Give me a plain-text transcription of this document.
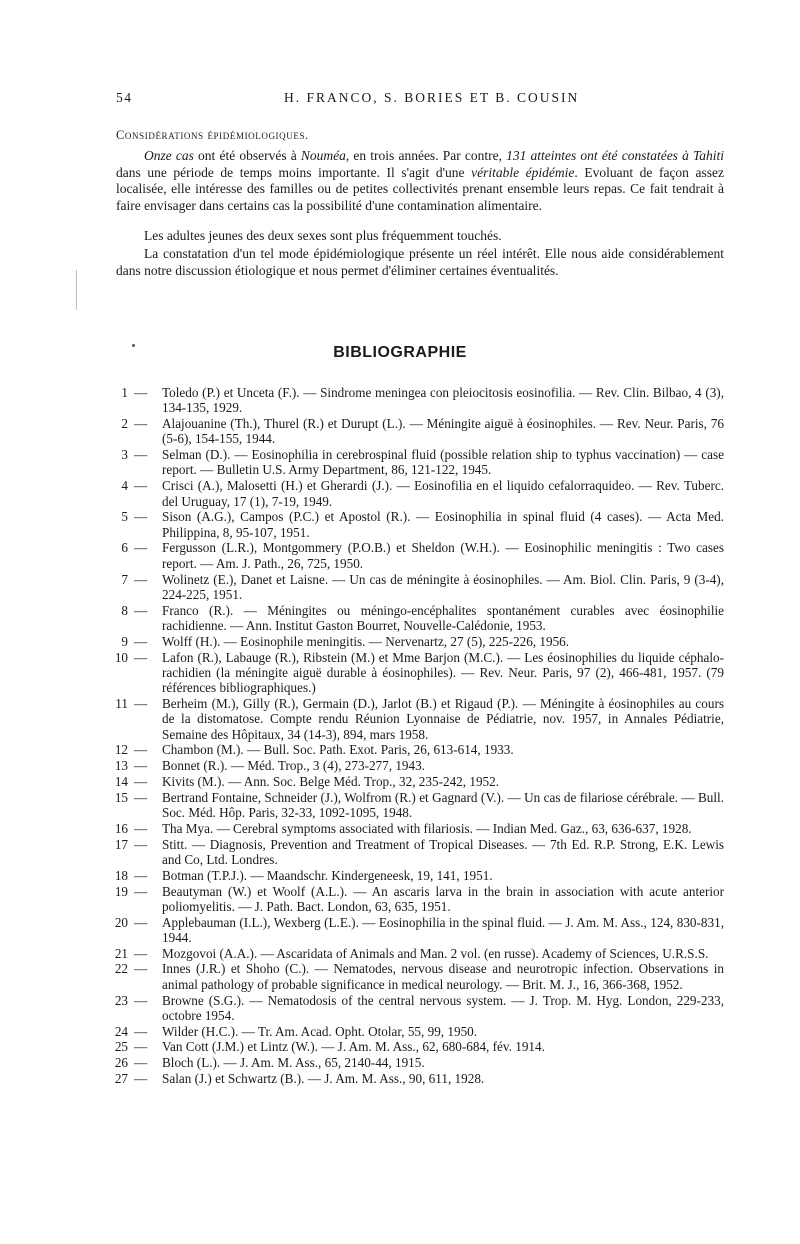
54	H. FRANCO, S. BORIES ET B. COUSIN
Considérations épidémiologiques.

Onze cas ont été observés à Nouméa, en trois années. Par contre, 131 atteintes ont été constatées à Tahiti dans une période de temps moins importante. Il s'agit d'une véritable épidémie. Evoluant de façon assez localisée, elle intéresse des familles ou de petites collectivités prenant ensemble leurs repas. Ce fait tendrait à faire envisager dans certains cas la possibilité d'une contamination alimentaire.

Les adultes jeunes des deux sexes sont plus fréquemment touchés.

La constatation d'un tel mode épidémiologique présente un réel intérêt. Elle nous aide considérablement dans notre discussion étiologique et nous permet d'éliminer certaines éventualités.

BIBLIOGRAPHIE
1 — Toledo (P.) et Unceta (F.). — Sindrome meningea con pleiocitosis eosinofilia. — Rev. Clin. Bilbao, 4 (3), 134-135, 1929.
2 — Alajouanine (Th.), Thurel (R.) et Durupt (L.). — Méningite aiguë à éosinophiles. — Rev. Neur. Paris, 76 (5-6), 154-155, 1944.
3 — Selman (D.). — Eosinophilia in cerebrospinal fluid (possible relation ship to typhus vaccination) — case report. — Bulletin U.S. Army Department, 86, 121-122, 1945.
4 — Crisci (A.), Malosetti (H.) et Gherardi (J.). — Eosinofilia en el liquido cefalorraquideo. — Rev. Tuberc. del Uruguay, 17 (1), 7-19, 1949.
5 — Sison (A.G.), Campos (P.C.) et Apostol (R.). — Eosinophilia in spinal fluid (4 cases). — Acta Med. Philippina, 8, 95-107, 1951.
6 — Fergusson (L.R.), Montgommery (P.O.B.) et Sheldon (W.H.). — Eosinophilic meningitis : Two cases report. — Am. J. Path., 26, 725, 1950.
7 — Wolinetz (E.), Danet et Laisne. — Un cas de méningite à éosinophiles. — Am. Biol. Clin. Paris, 9 (3-4), 224-225, 1951.
8 — Franco (R.). — Méningites ou méningo-encéphalites spontanément curables avec éosinophilie rachidienne. — Ann. Institut Gaston Bourret, Nouvelle-Calédonie, 1953.
9 — Wolff (H.). — Eosinophile meningitis. — Nervenartz, 27 (5), 225-226, 1956.
10 — Lafon (R.), Labauge (R.), Ribstein (M.) et Mme Barjon (M.C.). — Les éosinophilies du liquide céphalo-rachidien (la méningite aiguë durable à éosinophiles). — Rev. Neur. Paris, 97 (2), 466-481, 1957. (79 références bibliographiques.)
11 — Berheim (M.), Gilly (R.), Germain (D.), Jarlot (B.) et Rigaud (P.). — Méningite à éosinophiles au cours de la distomatose. Compte rendu Réunion Lyonnaise de Pédiatrie, nov. 1957, in Annales Pédiatrie, Semaine des Hôpitaux, 34 (14-3), 894, mars 1958.
12 — Chambon (M.). — Bull. Soc. Path. Exot. Paris, 26, 613-614, 1933.
13 — Bonnet (R.). — Méd. Trop., 3 (4), 273-277, 1943.
14 — Kivits (M.). — Ann. Soc. Belge Méd. Trop., 32, 235-242, 1952.
15 — Bertrand Fontaine, Schneider (J.), Wolfrom (R.) et Gagnard (V.). — Un cas de filariose cérébrale. — Bull. Soc. Méd. Hôp. Paris, 32-33, 1092-1095, 1948.
16 — Tha Mya. — Cerebral symptoms associated with filariosis. — Indian Med. Gaz., 63, 636-637, 1928.
17 — Stitt. — Diagnosis, Prevention and Treatment of Tropical Diseases. — 7th Ed. R.P. Strong, E.K. Lewis and Co, Ltd. Londres.
18 — Botman (T.P.J.). — Maandschr. Kindergeneesk, 19, 141, 1951.
19 — Beautyman (W.) et Woolf (A.L.). — An ascaris larva in the brain in association with acute anterior poliomyelitis. — J. Path. Bact. London, 63, 635, 1951.
20 — Applebauman (I.L.), Wexberg (L.E.). — Eosinophilia in the spinal fluid. — J. Am. M. Ass., 124, 830-831, 1944.
21 — Mozgovoi (A.A.). — Ascaridata of Animals and Man. 2 vol. (en russe). Academy of Sciences, U.R.S.S.
22 — Innes (J.R.) et Shoho (C.). — Nematodes, nervous disease and neurotropic infection. Observations in animal pathology of probable significance in medical neurology. — Brit. M. J., 16, 366-368, 1952.
23 — Browne (S.G.). — Nematodosis of the central nervous system. — J. Trop. M. Hyg. London, 229-233, octobre 1954.
24 — Wilder (H.C.). — Tr. Am. Acad. Opht. Otolar, 55, 99, 1950.
25 — Van Cott (J.M.) et Lintz (W.). — J. Am. M. Ass., 62, 680-684, fév. 1914.
26 — Bloch (L.). — J. Am. M. Ass., 65, 2140-44, 1915.
27 — Salan (J.) et Schwartz (B.). — J. Am. M. Ass., 90, 611, 1928.
